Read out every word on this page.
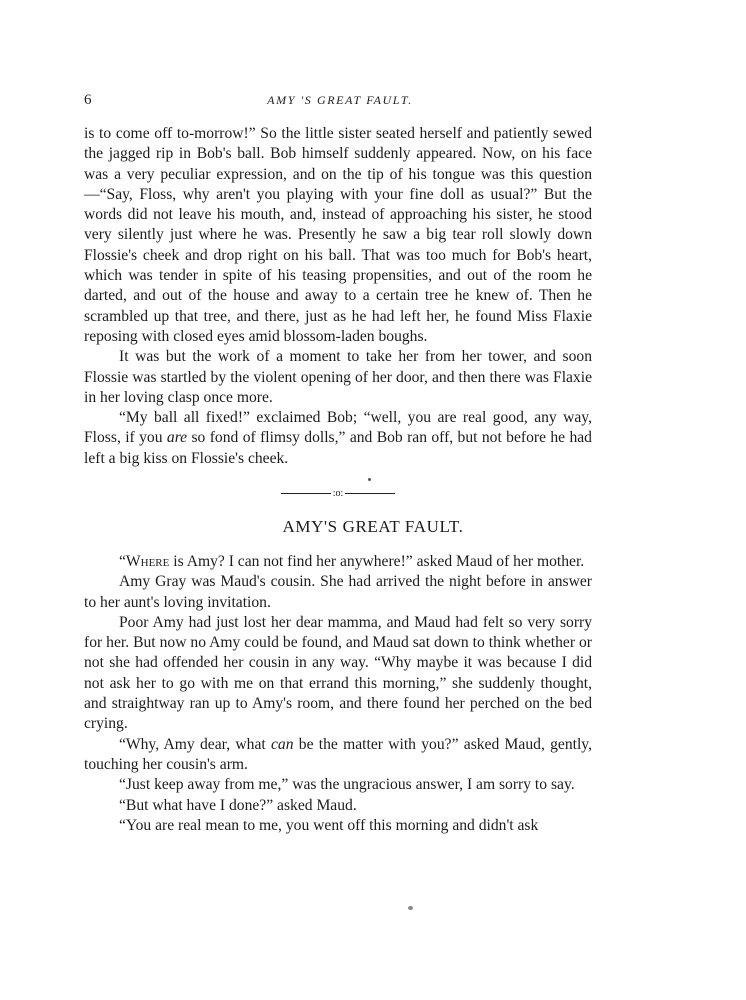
6	AMY 'S GREAT FAULT.

is to come off to-morrow!” So the little sister seated herself and patiently sewed the jagged rip in Bob's ball. Bob himself suddenly appeared. Now, on his face was a very peculiar expression, and on the tip of his tongue was this question—“Say, Floss, why aren't you playing with your fine doll as usual?” But the words did not leave his mouth, and, instead of approaching his sister, he stood very silently just where he was. Presently he saw a big tear roll slowly down Flossie's cheek and drop right on his ball. That was too much for Bob's heart, which was tender in spite of his teasing propensities, and out of the room he darted, and out of the house and away to a certain tree he knew of. Then he scrambled up that tree, and there, just as he had left her, he found Miss Flaxie reposing with closed eyes amid blossom-laden boughs.

It was but the work of a moment to take her from her tower, and soon Flossie was startled by the violent opening of her door, and then there was Flaxie in her loving clasp once more.

“My ball all fixed!” exclaimed Bob; “well, you are real good, any way, Floss, if you are so fond of flimsy dolls,” and Bob ran off, but not before he had left a big kiss on Flossie's cheek.

:o:
AMY'S GREAT FAULT.

“Where is Amy? I can not find her anywhere!” asked Maud of her mother.

Amy Gray was Maud's cousin. She had arrived the night before in answer to her aunt's loving invitation.

Poor Amy had just lost her dear mamma, and Maud had felt so very sorry for her. But now no Amy could be found, and Maud sat down to think whether or not she had offended her cousin in any way. “Why maybe it was because I did not ask her to go with me on that errand this morning,” she suddenly thought, and straightway ran up to Amy's room, and there found her perched on the bed crying.

“Why, Amy dear, what can be the matter with you?” asked Maud, gently, touching her cousin's arm.

“Just keep away from me,” was the ungracious answer, I am sorry to say.

“But what have I done?” asked Maud.

“You are real mean to me, you went off this morning and didn't ask
